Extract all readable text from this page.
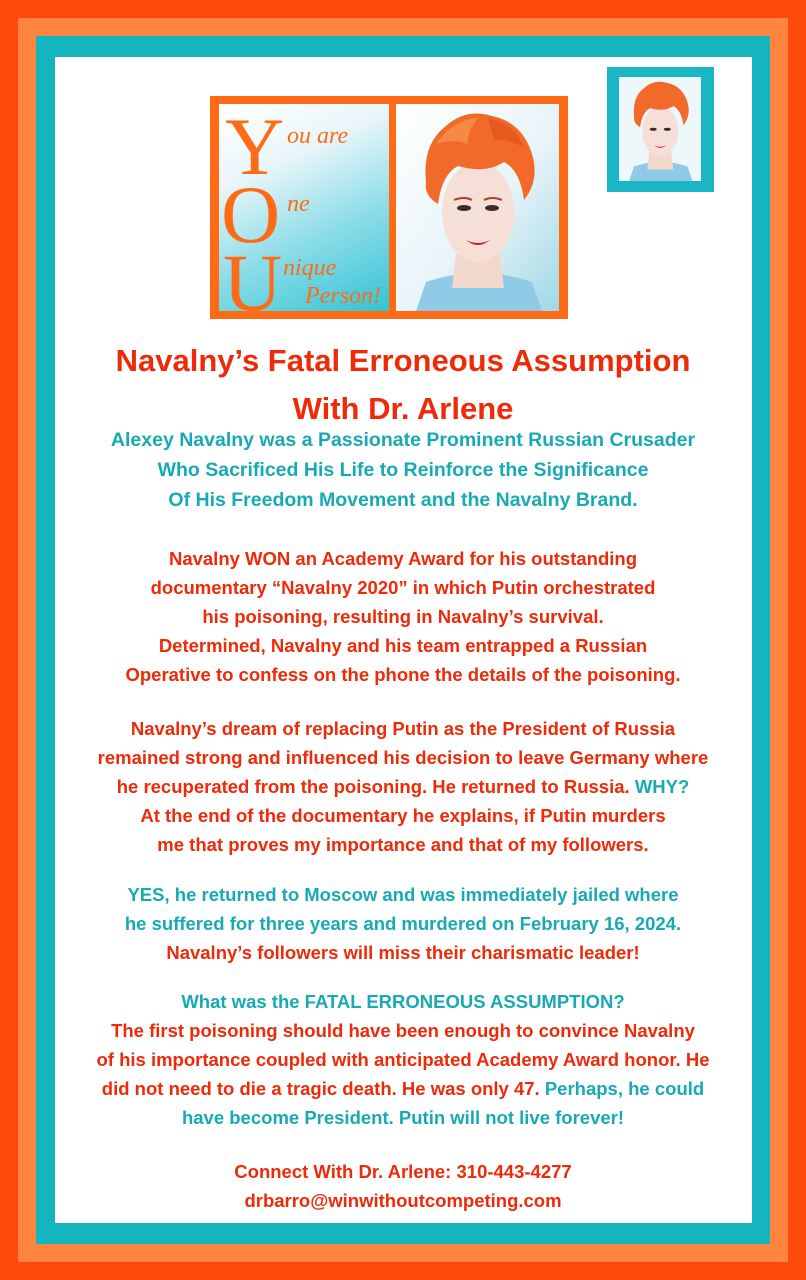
Y
O
U
ou are
ne
nique
Person!
Navalny’s Fatal Erroneous Assumption
With Dr. Arlene
Alexey Navalny was a Passionate Prominent Russian Crusader
Who Sacrificed His Life to Reinforce the Significance
Of His Freedom Movement and the Navalny Brand.
Navalny WON an Academy Award for his outstanding
documentary “Navalny 2020” in which Putin orchestrated
his poisoning, resulting in Navalny’s survival.
Determined, Navalny and his team entrapped a Russian
Operative to confess on the phone the details of the poisoning.
Navalny’s dream of replacing Putin as the President of Russia
remained strong and influenced his decision to leave Germany where
he recuperated from the poisoning. He returned to Russia. WHY?
At the end of the documentary he explains, if Putin murders
me that proves my importance and that of my followers.
YES, he returned to Moscow and was immediately jailed where
he suffered for three years and murdered on February 16, 2024.
Navalny’s followers will miss their charismatic leader!
What was the FATAL ERRONEOUS ASSUMPTION?
The first poisoning should have been enough to convince Navalny
of his importance coupled with anticipated Academy Award honor. He
did not need to die a tragic death. He was only 47. Perhaps, he could
have become President. Putin will not live forever!
Connect With Dr. Arlene: 310-443-4277
drbarro@winwithoutcompeting.com
